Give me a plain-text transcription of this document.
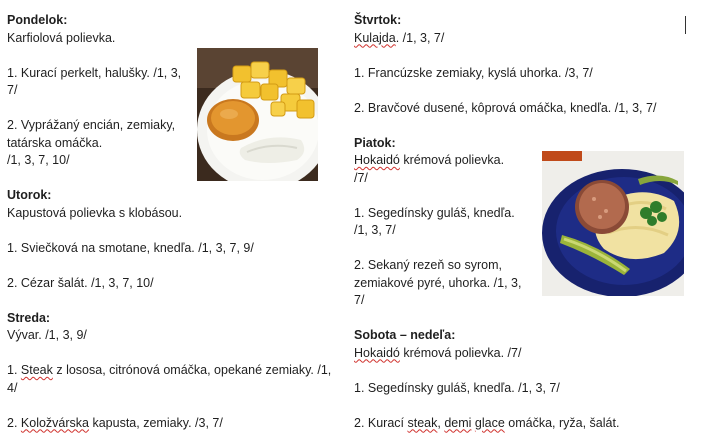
Pondelok:

Karfiolová polievka.

1. Kurací perkelt, halušky. /1, 3,

7/

2. Vyprážaný encián, zemiaky,

tatárska omáčka.

/1, 3, 7, 10/

Utorok:

Kapustová polievka s klobásou.

1. Sviečková na smotane, knedľa. /1, 3, 7, 9/

2. Cézar šalát. /1, 3, 7, 10/

Streda:

Vývar. /1, 3, 9/

1. Steak z lososa, citrónová omáčka, opekané zemiaky. /1,

4/

2. Koložvárska kapusta, zemiaky. /3, 7/

Štvrtok:

Kulajda. /1, 3, 7/

1. Francúzske zemiaky, kyslá uhorka. /3, 7/

2. Bravčové dusené, kôprová omáčka, knedľa. /1, 3, 7/

Piatok:

Hokaidó krémová polievka.

/7/

1. Segedínsky guláš, knedľa.

/1, 3, 7/

2. Sekaný rezeň so syrom,

zemiakové pyré, uhorka. /1, 3,

7/

Sobota – nedeľa:

Hokaidó krémová polievka. /7/

1. Segedínsky guláš, knedľa. /1, 3, 7/

2. Kurací steak, demi glace omáčka, ryža, šalát.
